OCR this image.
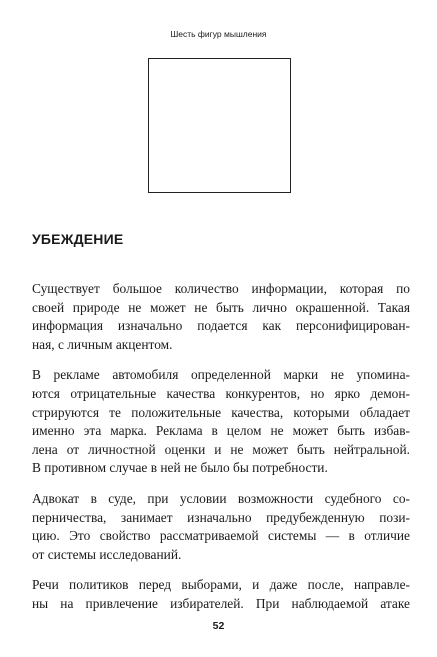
Шесть фигур мышления
УБЕЖДЕНИЕ

Существует большое количество информации, которая по
своей природе не может не быть лично окрашенной. Такая
информация изначально подается как персонифицирован-
ная, с личным акцентом.

В рекламе автомобиля определенной марки не упомина-
ются отрицательные качества конкурентов, но ярко демон-
стрируются те положительные качества, которыми обладает
именно эта марка. Реклама в целом не может быть избав-
лена от личностной оценки и не может быть нейтральной.
В противном случае в ней не было бы потребности.

Адвокат в суде, при условии возможности судебного со-
перничества, занимает изначально предубежденную пози-
цию. Это свойство рассматриваемой системы — в отличие
от системы исследований.

Речи политиков перед выборами, и даже после, направле-
ны на привлечение избирателей. При наблюдаемой атаке

52
